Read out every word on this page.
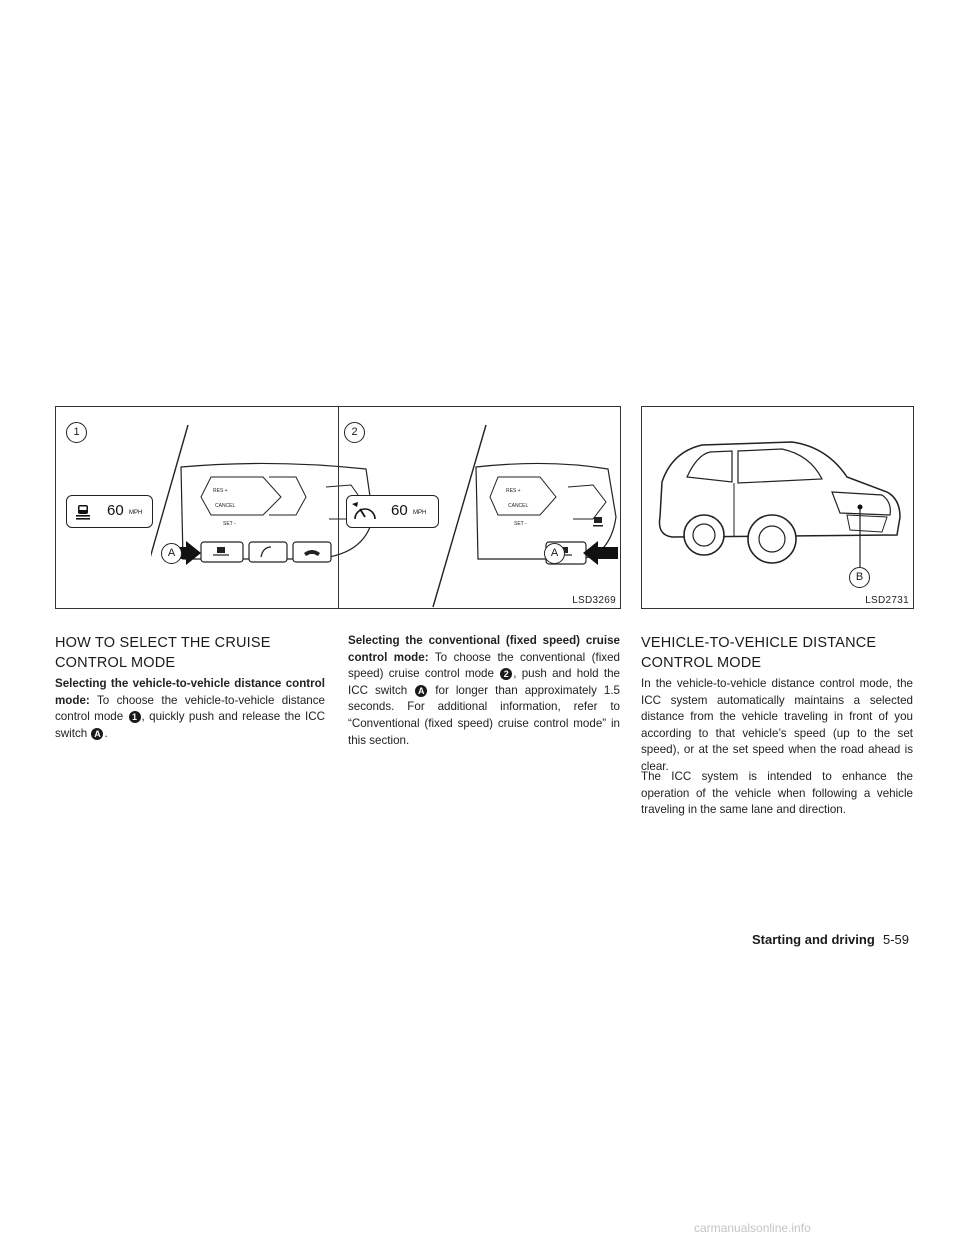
1
60 MPH
RES +
CANCEL
SET -
A
2
60 MPH
RES +
CANCEL
SET -
A
LSD3269
B
LSD2731
HOW TO SELECT THE CRUISE CONTROL MODE

Selecting the vehicle-to-vehicle distance control mode: To choose the vehicle-to-vehicle distance control mode 1 , quickly push and release the ICC switch A .

Selecting the conventional (fixed speed) cruise control mode: To choose the conventional (fixed speed) cruise control mode 2 , push and hold the ICC switch A for longer than approximately 1.5 seconds. For additional information, refer to “Conventional (fixed speed) cruise control mode” in this section.

VEHICLE-TO-VEHICLE DISTANCE CONTROL MODE

In the vehicle-to-vehicle distance control mode, the ICC system automatically maintains a selected distance from the vehicle traveling in front of you according to that vehicle’s speed (up to the set speed), or at the set speed when the road ahead is clear.

The ICC system is intended to enhance the operation of the vehicle when following a vehicle traveling in the same lane and direction.

Starting and driving 5-59
carmanualsonline.info
